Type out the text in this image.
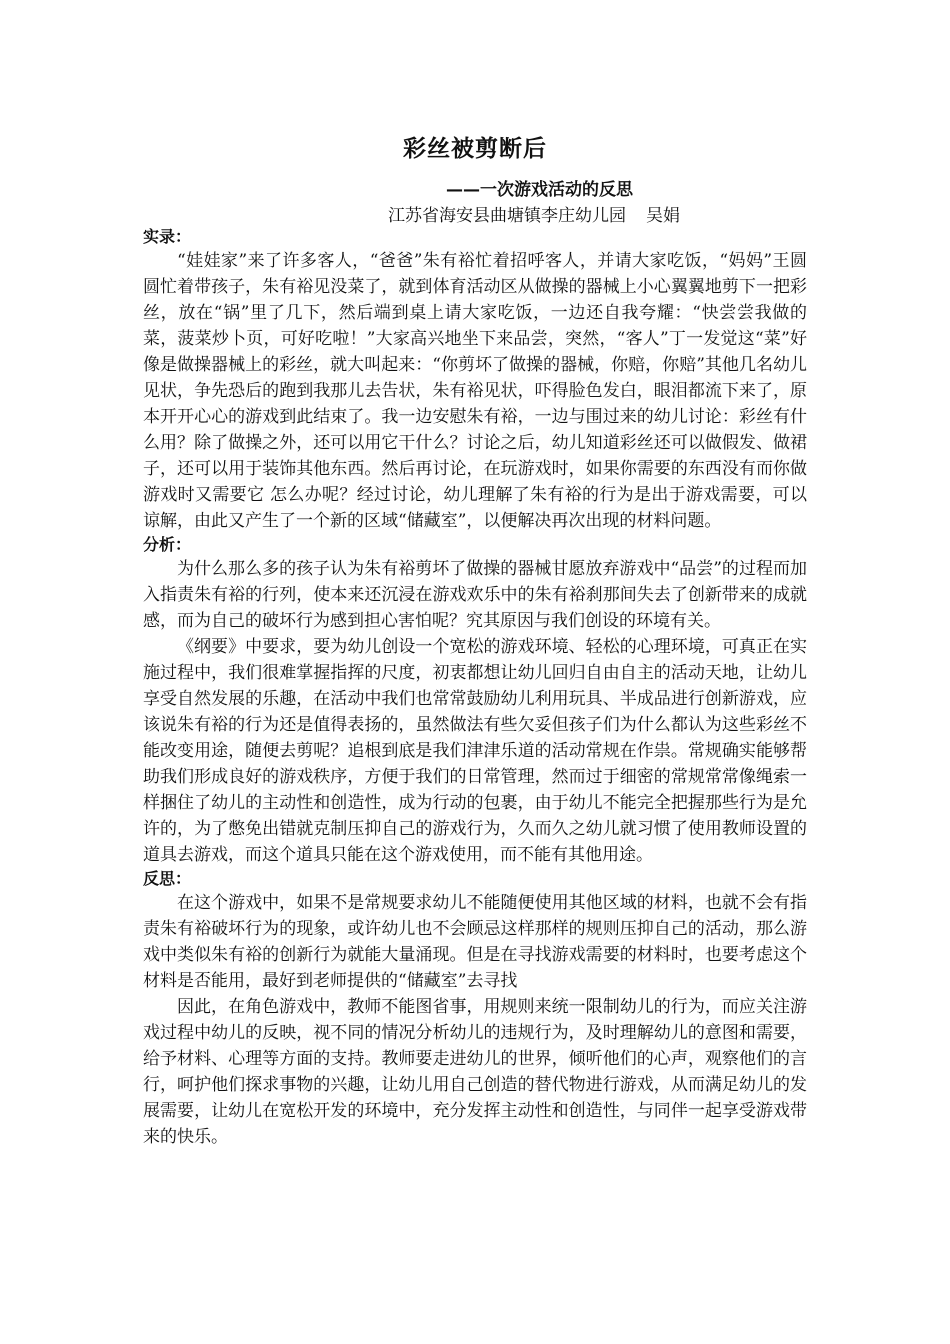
彩丝被剪断后
——一次游戏活动的反思
江苏省海安县曲塘镇李庄幼儿园 吴娟
实录：

“娃娃家”来了许多客人，“爸爸”朱有裕忙着招呼客人，并请大家吃饭，“妈妈”王圆圆忙着带孩子，朱有裕见没菜了，就到体育活动区从做操的器械上小心翼翼地剪下一把彩丝，放在“锅”里了几下，然后端到桌上请大家吃饭，一边还自我夸耀：“快尝尝我做的菜，菠菜炒卜页，可好吃啦！”大家高兴地坐下来品尝，突然，“客人”丁一发觉这“菜”好像是做操器械上的彩丝，就大叫起来：“你剪坏了做操的器械，你赔，你赔”其他几名幼儿见状，争先恐后的跑到我那儿去告状，朱有裕见状，吓得脸色发白，眼泪都流下来了，原本开开心心的游戏到此结束了。我一边安慰朱有裕，一边与围过来的幼儿讨论：彩丝有什么用？除了做操之外，还可以用它干什么？讨论之后，幼儿知道彩丝还可以做假发、做裙子，还可以用于装饰其他东西。然后再讨论，在玩游戏时，如果你需要的东西没有而你做游戏时又需要它 怎么办呢？经过讨论，幼儿理解了朱有裕的行为是出于游戏需要，可以谅解，由此又产生了一个新的区域“储藏室”，以便解决再次出现的材料问题。

分析：

为什么那么多的孩子认为朱有裕剪坏了做操的器械甘愿放弃游戏中“品尝”的过程而加入指责朱有裕的行列，使本来还沉浸在游戏欢乐中的朱有裕刹那间失去了创新带来的成就感，而为自己的破坏行为感到担心害怕呢？究其原因与我们创设的环境有关。

《纲要》中要求，要为幼儿创设一个宽松的游戏环境、轻松的心理环境，可真正在实施过程中，我们很难掌握指挥的尺度，初衷都想让幼儿回归自由自主的活动天地，让幼儿享受自然发展的乐趣，在活动中我们也常常鼓励幼儿利用玩具、半成品进行创新游戏，应该说朱有裕的行为还是值得表扬的，虽然做法有些欠妥但孩子们为什么都认为这些彩丝不能改变用途，随便去剪呢？追根到底是我们津津乐道的活动常规在作祟。常规确实能够帮助我们形成良好的游戏秩序，方便于我们的日常管理，然而过于细密的常规常常像绳索一样捆住了幼儿的主动性和创造性，成为行动的包裹，由于幼儿不能完全把握那些行为是允许的，为了憋免出错就克制压抑自己的游戏行为，久而久之幼儿就习惯了使用教师设置的道具去游戏，而这个道具只能在这个游戏使用，而不能有其他用途。

反思：

在这个游戏中，如果不是常规要求幼儿不能随便使用其他区域的材料，也就不会有指责朱有裕破坏行为的现象，或许幼儿也不会顾忌这样那样的规则压抑自己的活动，那么游戏中类似朱有裕的创新行为就能大量涌现。但是在寻找游戏需要的材料时，也要考虑这个材料是否能用，最好到老师提供的“储藏室”去寻找

因此，在角色游戏中，教师不能图省事，用规则来统一限制幼儿的行为，而应关注游戏过程中幼儿的反映，视不同的情况分析幼儿的违规行为，及时理解幼儿的意图和需要，给予材料、心理等方面的支持。教师要走进幼儿的世界，倾听他们的心声，观察他们的言行，呵护他们探求事物的兴趣，让幼儿用自己创造的替代物进行游戏，从而满足幼儿的发展需要，让幼儿在宽松开发的环境中，充分发挥主动性和创造性，与同伴一起享受游戏带来的快乐。
